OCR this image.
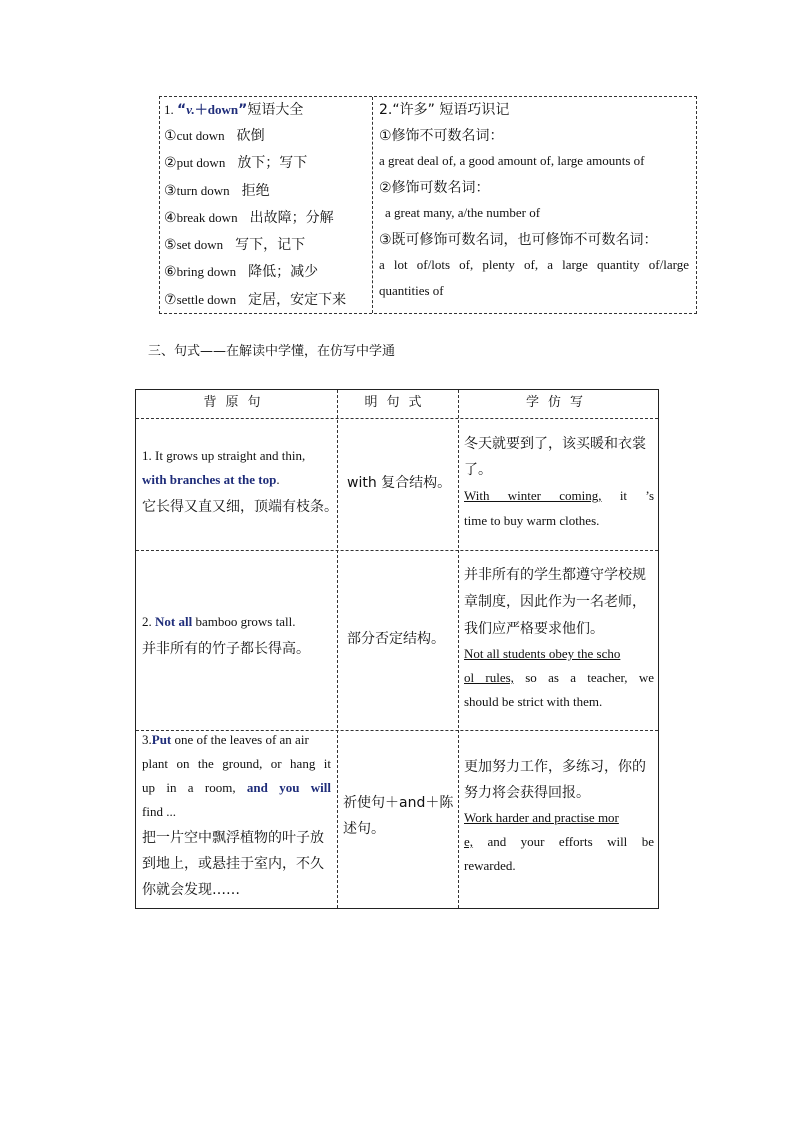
1. “v.＋down”短语大全
①cut down 砍倒
②put down 放下；写下
③turn down 拒绝
④break down 出故障；分解
⑤set down 写下，记下
⑥bring down 降低；减少
⑦settle down 定居，安定下来
2.“许多” 短语巧识记
①修饰不可数名词：
a great deal of, a good amount of, large amounts of
②修饰可数名词：
a great many, a/the number of
③既可修饰可数名词，也可修饰不可数名词：
a lot of/lots of, plenty of, a large quantity of/large
quantities of
三、句式——在解读中学懂，在仿写中学通
背原句	明句式	学仿写
1. It grows up straight and thin,
with branches at the top.
它长得又直又细，顶端有枝条。
with 复合结构。
冬天就要到了，该买暖和衣裳
了。
With winter coming, it ’s
time to buy warm clothes.
2. Not all bamboo grows tall.
并非所有的竹子都长得高。
部分否定结构。
并非所有的学生都遵守学校规
章制度，因此作为一名老师，
我们应严格要求他们。
Not all students obey the scho
ol rules, so as a teacher, we
should be strict with them.
3.Put one of the leaves of an air
plant on the ground, or hang it
up in a room, and you will
find ...
把一片空中飘浮植物的叶子放
到地上，或悬挂于室内，不久
你就会发现……
祈使句＋and＋陈
述句。
更加努力工作，多练习，你的
努力将会获得回报。
Work harder and practise mor
e, and your efforts will be
rewarded.
